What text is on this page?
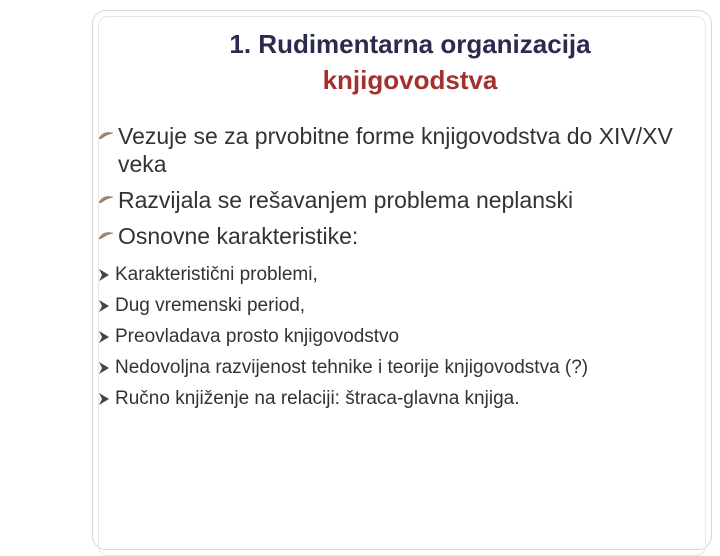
1. Rudimentarna organizacija
knjigovodstva
Vezuje se za prvobitne forme knjigovodstva do XIV/XV veka
Razvijala se rešavanjem problema neplanski
Osnovne karakteristike:
Karakteristični problemi,
Dug vremenski period,
Preovladava prosto knjigovodstvo
Nedovoljna razvijenost tehnike i teorije knjigovodstva (?)
Ručno knjiženje na relaciji: štraca-glavna knjiga.
